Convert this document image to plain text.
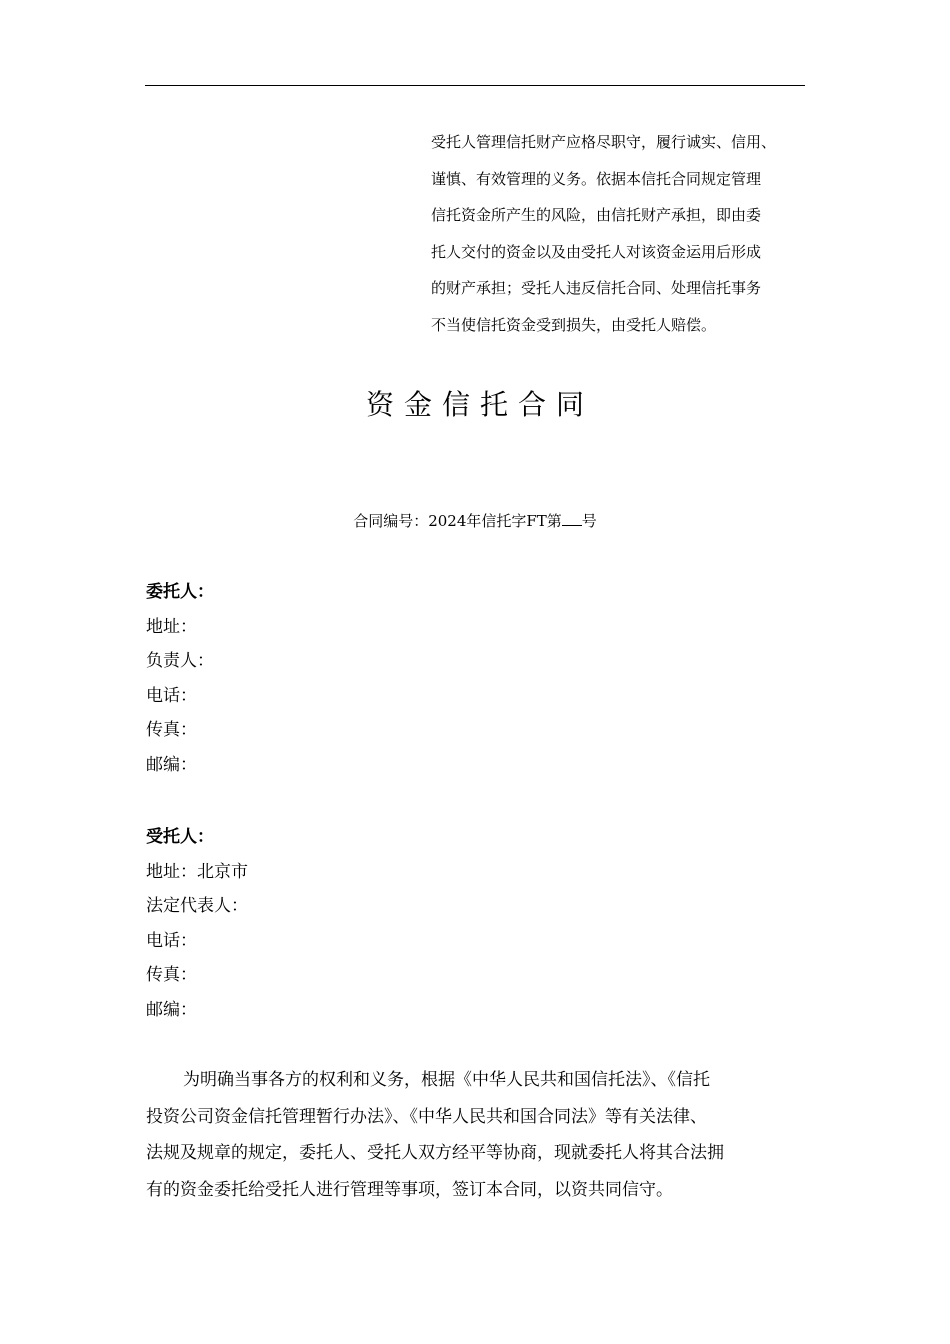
受托人管理信托财产应格尽职守，履行诚实、信用、
谨慎、有效管理的义务。依据本信托合同规定管理
信托资金所产生的风险，由信托财产承担，即由委
托人交付的资金以及由受托人对该资金运用后形成
的财产承担；受托人违反信托合同、处理信托事务
不当使信托资金受到损失，由受托人赔偿。
资金信托合同
合同编号：2024年信托字FT第 号
委托人：
地址：
负责人：
电话：
传真：
邮编：
受托人：
地址：北京市
法定代表人：
电话：
传真：
邮编：
为明确当事各方的权利和义务，根据《中华人民共和国信托法》、《信托
投资公司资金信托管理暂行办法》、《中华人民共和国合同法》等有关法律、
法规及规章的规定，委托人、受托人双方经平等协商，现就委托人将其合法拥
有的资金委托给受托人进行管理等事项，签订本合同，以资共同信守。
